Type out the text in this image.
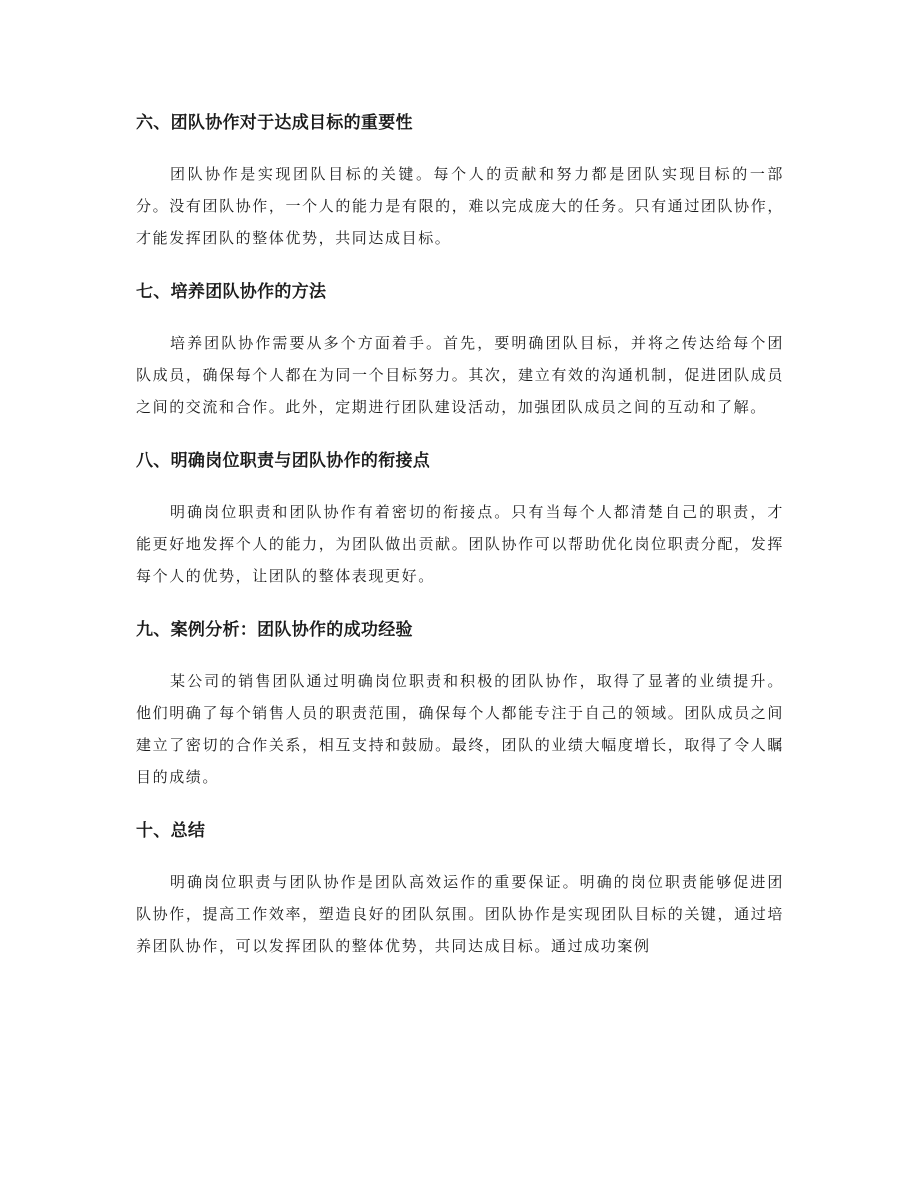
六、团队协作对于达成目标的重要性

团队协作是实现团队目标的关键。每个人的贡献和努力都是团队实现目标的一部分。没有团队协作，一个人的能力是有限的，难以完成庞大的任务。只有通过团队协作，才能发挥团队的整体优势，共同达成目标。

七、培养团队协作的方法

培养团队协作需要从多个方面着手。首先，要明确团队目标，并将之传达给每个团队成员，确保每个人都在为同一个目标努力。其次，建立有效的沟通机制，促进团队成员之间的交流和合作。此外，定期进行团队建设活动，加强团队成员之间的互动和了解。

八、明确岗位职责与团队协作的衔接点

明确岗位职责和团队协作有着密切的衔接点。只有当每个人都清楚自己的职责，才能更好地发挥个人的能力，为团队做出贡献。团队协作可以帮助优化岗位职责分配，发挥每个人的优势，让团队的整体表现更好。

九、案例分析：团队协作的成功经验

某公司的销售团队通过明确岗位职责和积极的团队协作，取得了显著的业绩提升。他们明确了每个销售人员的职责范围，确保每个人都能专注于自己的领域。团队成员之间建立了密切的合作关系，相互支持和鼓励。最终，团队的业绩大幅度增长，取得了令人瞩目的成绩。

十、总结

明确岗位职责与团队协作是团队高效运作的重要保证。明确的岗位职责能够促进团队协作，提高工作效率，塑造良好的团队氛围。团队协作是实现团队目标的关键，通过培养团队协作，可以发挥团队的整体优势，共同达成目标。通过成功案例
